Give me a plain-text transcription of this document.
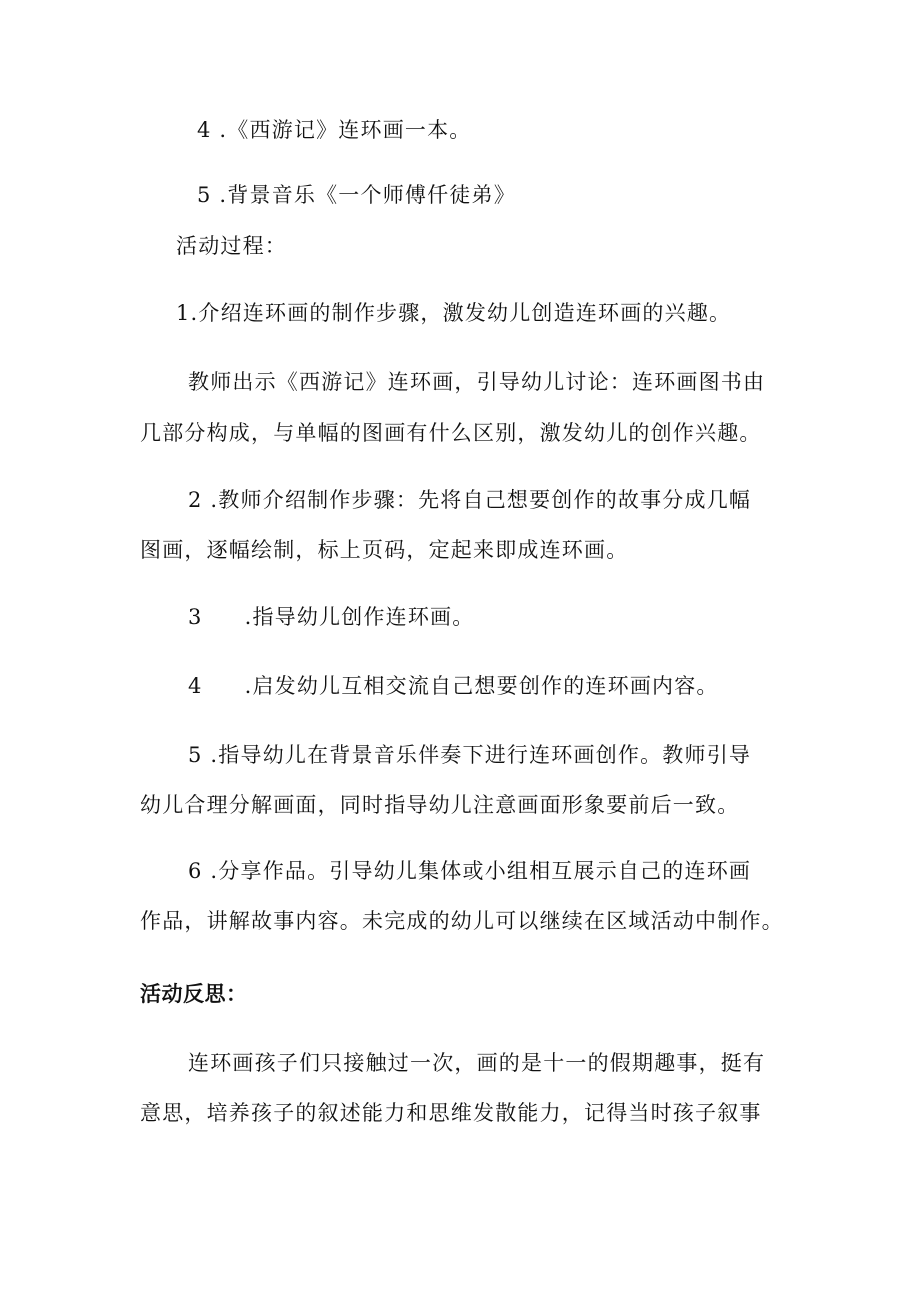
4 .《西游记》连环画一本。
5 .背景音乐《一个师傅仟徒弟》
活动过程：
1.介绍连环画的制作步骤，激发幼儿创造连环画的兴趣。
教师出示《西游记》连环画，引导幼儿讨论：连环画图书由
几部分构成，与单幅的图画有什么区别，激发幼儿的创作兴趣。
2 .教师介绍制作步骤：先将自己想要创作的故事分成几幅
图画，逐幅绘制，标上页码，定起来即成连环画。
3 .指导幼儿创作连环画。
4 .启发幼儿互相交流自己想要创作的连环画内容。
5 .指导幼儿在背景音乐伴奏下进行连环画创作。教师引导
幼儿合理分解画面，同时指导幼儿注意画面形象要前后一致。
6 .分享作品。引导幼儿集体或小组相互展示自己的连环画
作品，讲解故事内容。未完成的幼儿可以继续在区域活动中制作。
活动反思：
连环画孩子们只接触过一次，画的是十一的假期趣事，挺有
意思，培养孩子的叙述能力和思维发散能力，记得当时孩子叙事
